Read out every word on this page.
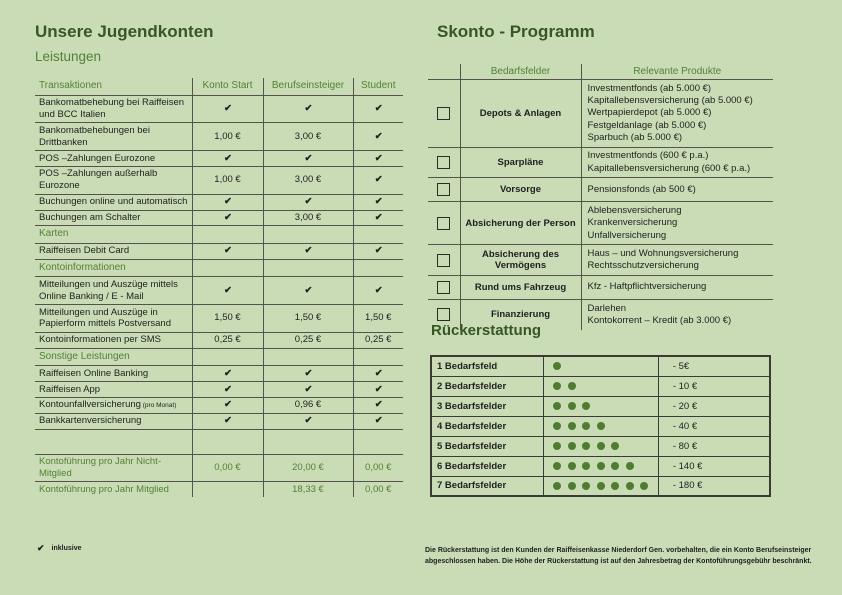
Unsere Jugendkonten
Leistungen
Transaktionen	Konto Start	Berufseinsteiger	Student
Bankomatbehebung bei Raiffeisen und BCC Italien	✔	✔	✔
Bankomatbehebungen bei Drittbanken	1,00 €	3,00 €	✔
POS –Zahlungen Eurozone	✔	✔	✔
POS –Zahlungen außerhalb Eurozone	1,00 €	3,00 €	✔
Buchungen online und automatisch	✔	✔	✔
Buchungen am Schalter	✔	3,00 €	✔
Karten			
Raiffeisen Debit Card	✔	✔	✔
Kontoinformationen			
Mitteilungen und Auszüge mittels Online Banking / E - Mail	✔	✔	✔
Mitteilungen und Auszüge in Papierform mittels Postversand	1,50 €	1,50 €	1,50 €
Kontoinformationen per SMS	0,25 €	0,25 €	0,25 €
Sonstige Leistungen			
Raiffeisen Online Banking	✔	✔	✔
Raiffeisen App	✔	✔	✔
Kontounfallversicherung (pro Monat)	✔	0,96 €	✔
Bankkartenversicherung	✔	✔	✔

Kontoführung pro Jahr Nicht-Mitglied	0,00 €	20,00 €	0,00 €
Kontoführung pro Jahr Mitglied		18,33 €	0,00 €
✔ inklusive
Skonto - Programm
	Bedarfsfelder	Relevante Produkte

	Depots & Anlagen	Investmentfonds (ab 5.000 €)
Kapitallebensversicherung (ab 5.000 €)
Wertpapierdepot (ab 5.000 €)
Festgeldanlage (ab 5.000 €)
Sparbuch (ab 5.000 €)

	Sparpläne	Investmentfonds (600 € p.a.)
Kapitallebensversicherung (600 € p.a.)

	Vorsorge	Pensionsfonds (ab 500 €)

	Absicherung der Person	Ablebensversicherung
Krankenversicherung
Unfallversicherung

	Absicherung des Vermögens	Haus – und Wohnungsversicherung
Rechtsschutzversicherung

	Rund ums Fahrzeug	Kfz - Haftpflichtversicherung

	Finanzierung	Darlehen
Kontokorrent – Kredit (ab 3.000 €)
Rückerstattung
1 Bedarfsfeld		- 5€
2 Bedarfsfelder		- 10 €
3 Bedarfsfelder		- 20 €
4 Bedarfsfelder		- 40 €
5 Bedarfsfelder		- 80 €
6 Bedarfsfelder		- 140 €
7 Bedarfsfelder		- 180 €
Die Rückerstattung ist den Kunden der Raiffeisenkasse Niederdorf Gen. vorbehalten, die ein Konto Berufseinsteiger abgeschlossen haben. Die Höhe der Rückerstattung ist auf den Jahresbetrag der Kontoführungsgebühr beschränkt.
